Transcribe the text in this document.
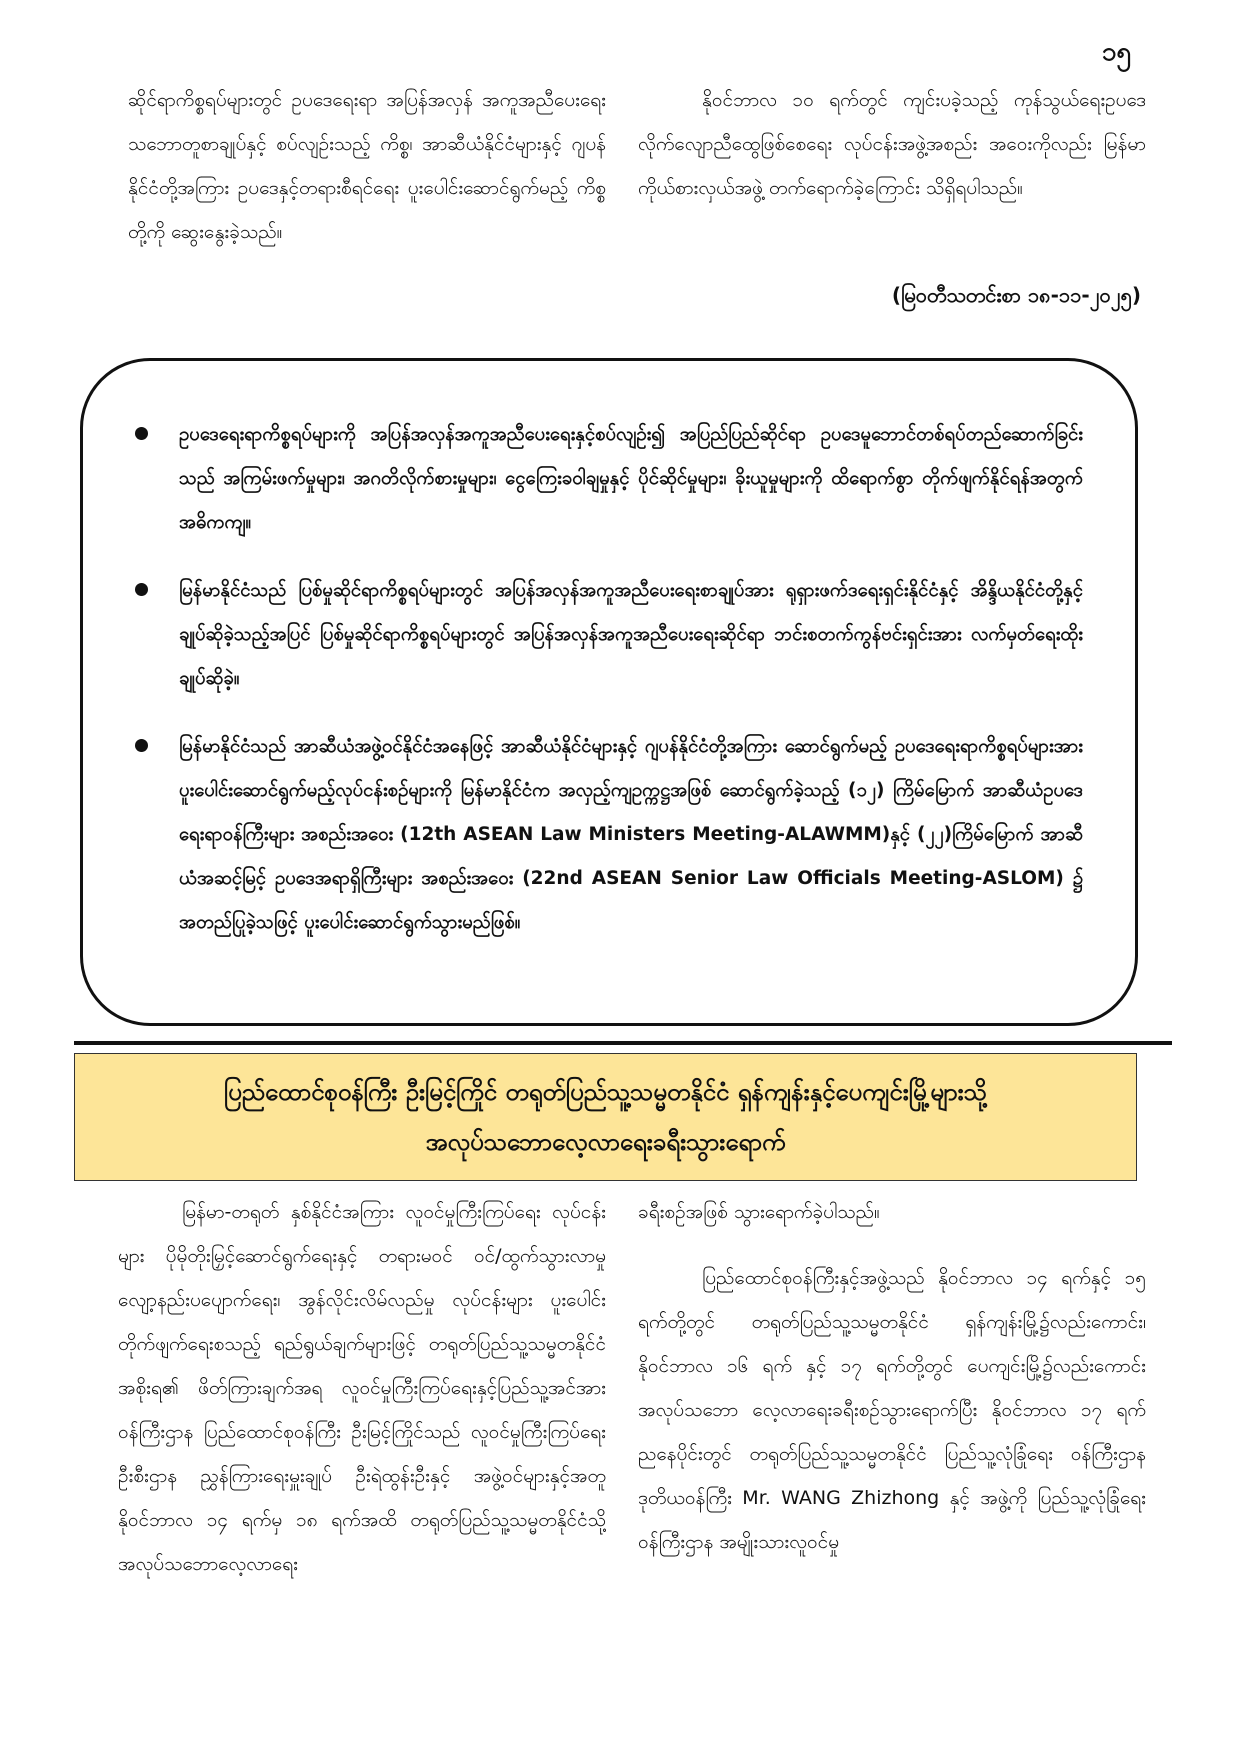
၁၅

ဆိုင်ရာကိစ္စရပ်များတွင် ဥပဒေရေးရာ အပြန်အလှန် အကူအညီပေးရေး သဘောတူစာချုပ်နှင့် စပ်လျဉ်းသည့် ကိစ္စ၊ အာဆီယံနိုင်ငံများနှင့် ဂျပန်နိုင်ငံတို့အကြား ဥပဒေနှင့်တရားစီရင်ရေး ပူးပေါင်းဆောင်ရွက်မည့် ကိစ္စတို့ကို ဆွေးနွေးခဲ့သည်။

နိုဝင်ဘာလ ၁၀ ရက်တွင် ကျင်းပခဲ့သည့် ကုန်သွယ်ရေးဥပဒေ လိုက်လျောညီထွေဖြစ်စေရေး လုပ်ငန်းအဖွဲ့အစည်း အဝေးကိုလည်း မြန်မာကိုယ်စားလှယ်အဖွဲ့ တက်ရောက်ခဲ့ကြောင်း သိရှိရပါသည်။

(မြဝတီသတင်းစာ ၁၈-၁၁-၂၀၂၅)
ဥပဒေရေးရာကိစ္စရပ်များကို အပြန်အလှန်အကူအညီပေးရေးနှင့်စပ်လျဉ်း၍ အပြည်ပြည်ဆိုင်ရာ ဥပဒေမူဘောင်တစ်ရပ်တည်ဆောက်ခြင်းသည် အကြမ်းဖက်မှုများ၊ အဂတိလိုက်စားမှုများ၊ ငွေကြေးခဝါချမှုနှင့် ပိုင်ဆိုင်မှုများ၊ ခိုးယူမှုများကို ထိရောက်စွာ တိုက်ဖျက်နိုင်ရန်အတွက် အဓိကကျ။
မြန်မာနိုင်ငံသည် ပြစ်မှုဆိုင်ရာကိစ္စရပ်များတွင် အပြန်အလှန်အကူအညီပေးရေးစာချုပ်အား ရုရှားဖက်ဒရေးရှင်းနိုင်ငံနှင့် အိန္ဒိယနိုင်ငံတို့နှင့် ချုပ်ဆိုခဲ့သည့်အပြင် ပြစ်မှုဆိုင်ရာကိစ္စရပ်များတွင် အပြန်အလှန်အကူအညီပေးရေးဆိုင်ရာ ဘင်းစတက်ကွန်ဗင်းရှင်းအား လက်မှတ်ရေးထိုးချုပ်ဆိုခဲ့။
မြန်မာနိုင်ငံသည် အာဆီယံအဖွဲ့ဝင်နိုင်ငံအနေဖြင့် အာဆီယံနိုင်ငံများနှင့် ဂျပန်နိုင်ငံတို့အကြား ဆောင်ရွက်မည့် ဥပဒေရေးရာကိစ္စရပ်များအား ပူးပေါင်းဆောင်ရွက်မည့်လုပ်ငန်းစဉ်များကို မြန်မာနိုင်ငံက အလှည့်ကျဥက္ကဋ္ဌအဖြစ် ဆောင်ရွက်ခဲ့သည့် (၁၂) ကြိမ်မြောက် အာဆီယံဥပဒေရေးရာဝန်ကြီးများ အစည်းအဝေး (12th ASEAN Law Ministers Meeting-ALAWMM)နှင့် (၂၂)ကြိမ်မြောက် အာဆီယံအဆင့်မြင့် ဥပဒေအရာရှိကြီးများ အစည်းအဝေး (22nd ASEAN Senior Law Officials Meeting-ASLOM) ၌ အတည်ပြုခဲ့သဖြင့် ပူးပေါင်းဆောင်ရွက်သွားမည်ဖြစ်။
ပြည်ထောင်စုဝန်ကြီး ဦးမြင့်ကြိုင် တရုတ်ပြည်သူ့သမ္မတနိုင်ငံ ရှန်ကျန်းနှင့်ပေကျင်းမြို့များသို့
အလုပ်သဘောလေ့လာရေးခရီးသွားရောက်

မြန်မာ-တရုတ် နှစ်နိုင်ငံအကြား လူဝင်မှုကြီးကြပ်ရေး လုပ်ငန်းများ ပိုမိုတိုးမြှင့်ဆောင်ရွက်ရေးနှင့် တရားမဝင် ဝင်/ထွက်သွားလာမှု လျော့နည်းပပျောက်ရေး၊ အွန်လိုင်းလိမ်လည်မှု လုပ်ငန်းများ ပူးပေါင်းတိုက်ဖျက်ရေးစသည့် ရည်ရွယ်ချက်များဖြင့် တရုတ်ပြည်သူ့သမ္မတနိုင်ငံအစိုးရ၏ ဖိတ်ကြားချက်အရ လူဝင်မှုကြီးကြပ်ရေးနှင့်ပြည်သူ့အင်အားဝန်ကြီးဌာန ပြည်ထောင်စုဝန်ကြီး ဦးမြင့်ကြိုင်သည် လူဝင်မှုကြီးကြပ်ရေး ဦးစီးဌာန ညွှန်ကြားရေးမှူးချုပ် ဦးရဲထွန်းဦးနှင့် အဖွဲ့ဝင်များနှင့်အတူ နိုဝင်ဘာလ ၁၄ ရက်မှ ၁၈ ရက်အထိ တရုတ်ပြည်သူ့သမ္မတနိုင်ငံသို့ အလုပ်သဘောလေ့လာရေး

ခရီးစဉ်အဖြစ် သွားရောက်ခဲ့ပါသည်။

ပြည်ထောင်စုဝန်ကြီးနှင့်အဖွဲ့သည် နိုဝင်ဘာလ ၁၄ ရက်နှင့် ၁၅ ရက်တို့တွင် တရုတ်ပြည်သူ့သမ္မတနိုင်ငံ ရှန်ကျန်းမြို့၌လည်းကောင်း၊ နိုဝင်ဘာလ ၁၆ ရက် နှင့် ၁၇ ရက်တို့တွင် ပေကျင်းမြို့၌လည်းကောင်း အလုပ်သဘော လေ့လာရေးခရီးစဉ်သွားရောက်ပြီး နိုဝင်ဘာလ ၁၇ ရက် ညနေပိုင်းတွင် တရုတ်ပြည်သူ့သမ္မတနိုင်ငံ ပြည်သူ့လုံခြုံရေး ဝန်ကြီးဌာန ဒုတိယဝန်ကြီး Mr. WANG Zhizhong နှင့် အဖွဲ့ကို ပြည်သူ့လုံခြုံရေးဝန်ကြီးဌာန အမျိုးသားလူဝင်မှု
